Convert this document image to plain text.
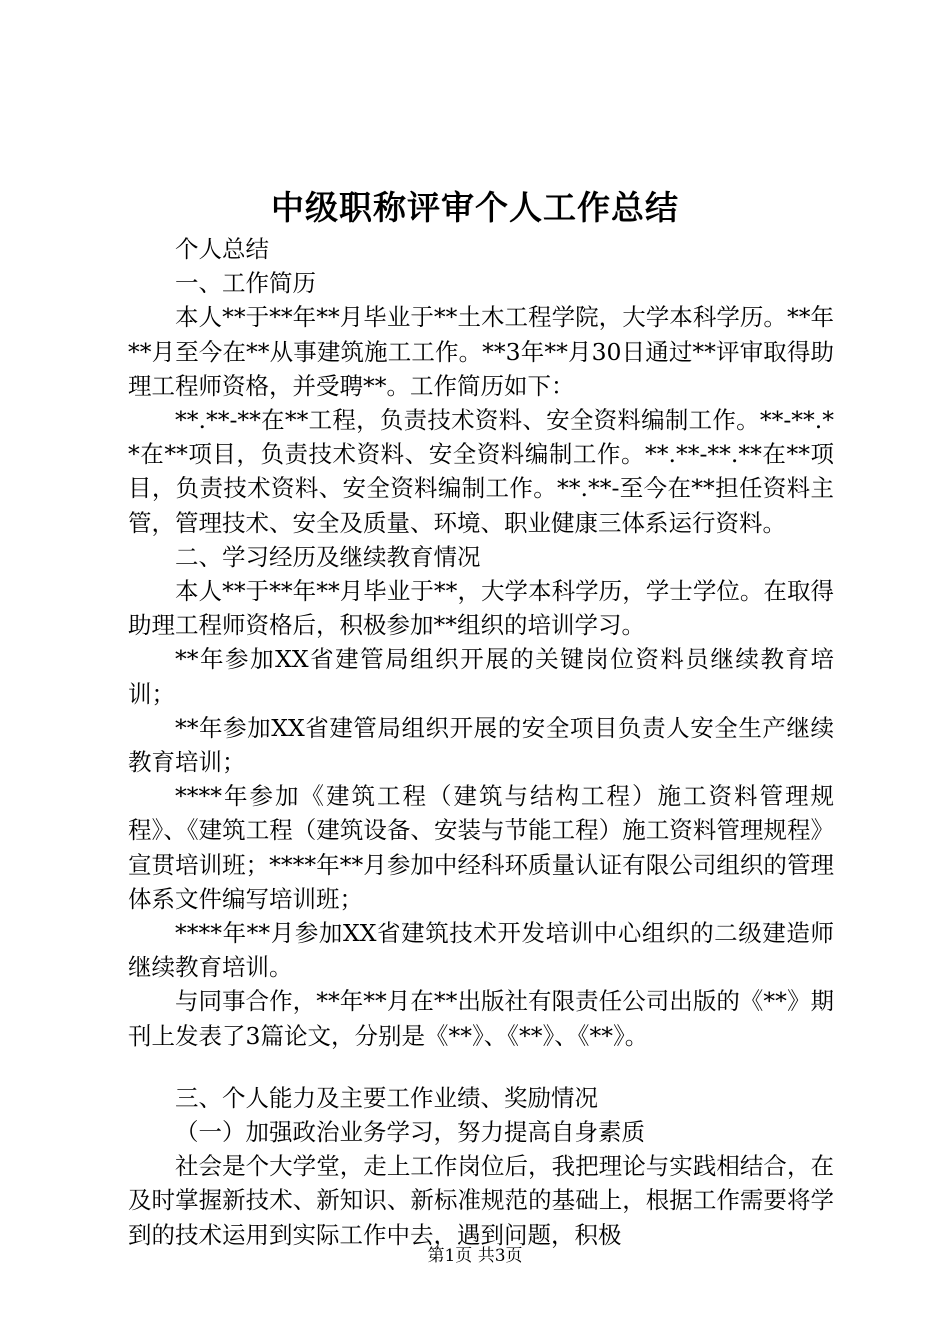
中级职称评审个人工作总结

个人总结

一、工作简历

本人**于**年**月毕业于**土木工程学院，大学本科学历。**年**月至今在**从事建筑施工工作。**3年**月30日通过**评审取得助理工程师资格，并受聘**。工作简历如下：

**.**-**在**工程，负责技术资料、安全资料编制工作。**-**.**在**项目，负责技术资料、安全资料编制工作。**.**-**.**在**项目，负责技术资料、安全资料编制工作。**.**-至今在**担任资料主管，管理技术、安全及质量、环境、职业健康三体系运行资料。

二、学习经历及继续教育情况

本人**于**年**月毕业于**，大学本科学历，学士学位。在取得助理工程师资格后，积极参加**组织的培训学习。

**年参加XX省建管局组织开展的关键岗位资料员继续教育培训；

**年参加XX省建管局组织开展的安全项目负责人安全生产继续教育培训；

****年参加《建筑工程（建筑与结构工程）施工资料管理规程》、《建筑工程（建筑设备、安装与节能工程）施工资料管理规程》宣贯培训班；****年**月参加中经科环质量认证有限公司组织的管理体系文件编写培训班；

****年**月参加XX省建筑技术开发培训中心组织的二级建造师继续教育培训。

与同事合作，**年**月在**出版社有限责任公司出版的《**》期刊上发表了3篇论文，分别是《**》、《**》、《**》。

三、个人能力及主要工作业绩、奖励情况

（一）加强政治业务学习，努力提高自身素质

社会是个大学堂，走上工作岗位后，我把理论与实践相结合，在及时掌握新技术、新知识、新标准规范的基础上，根据工作需要将学到的技术运用到实际工作中去，遇到问题，积极

第1页 共3页
